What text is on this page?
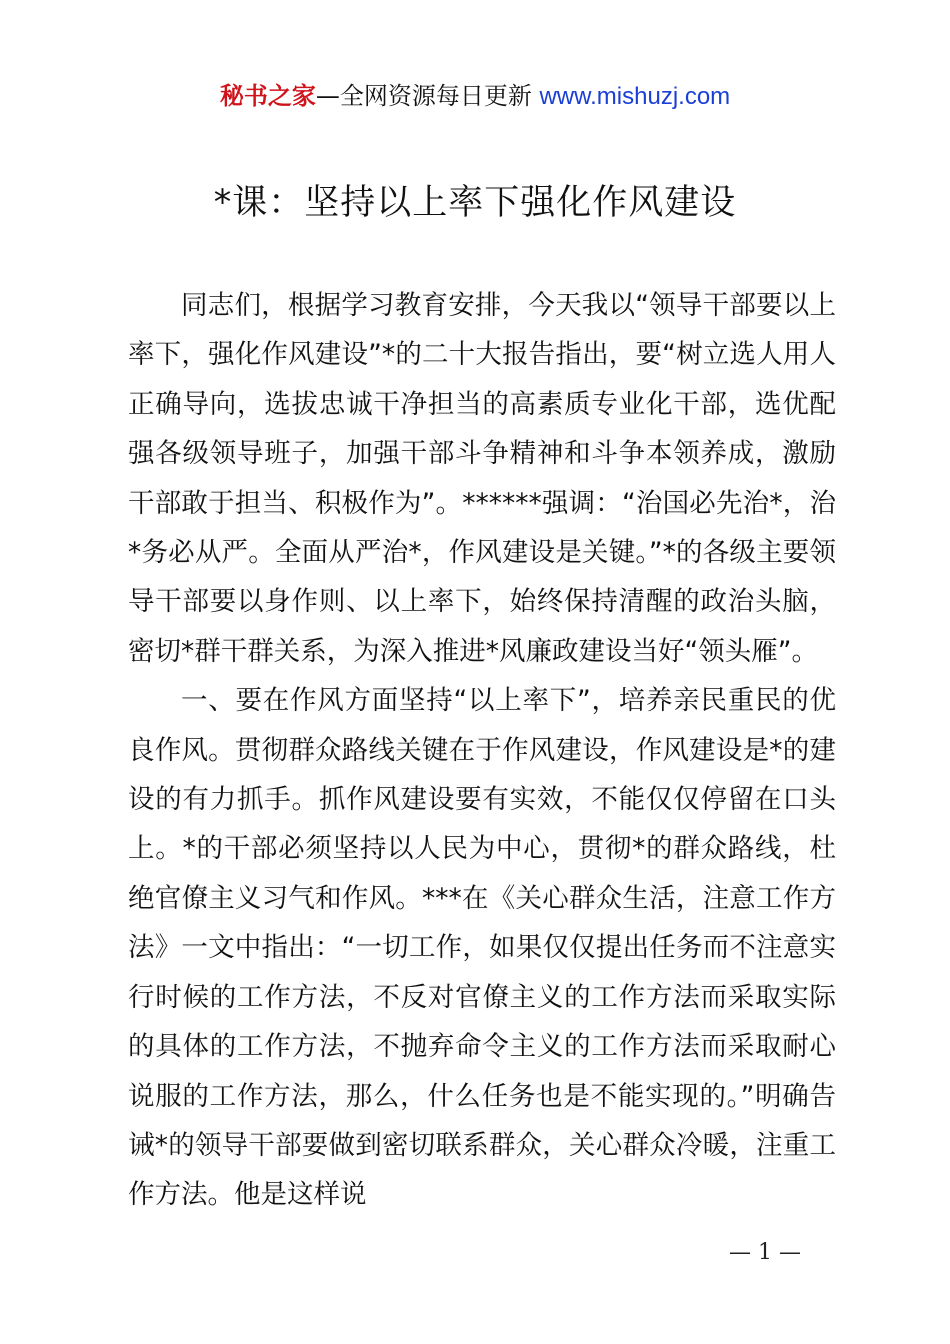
秘书之家—全网资源每日更新 www.mishuzj.com
*课：坚持以上率下强化作风建设

同志们，根据学习教育安排，今天我以“领导干部要以上率下，强化作风建设”*的二十大报告指出，要“树立选人用人正确导向，选拔忠诚干净担当的高素质专业化干部，选优配强各级领导班子，加强干部斗争精神和斗争本领养成，激励干部敢于担当、积极作为”。******强调：“治国必先治*，治*务必从严。全面从严治*，作风建设是关键。”*的各级主要领导干部要以身作则、以上率下，始终保持清醒的政治头脑，密切*群干群关系，为深入推进*风廉政建设当好“领头雁”。

一、要在作风方面坚持“以上率下”，培养亲民重民的优良作风。贯彻群众路线关键在于作风建设，作风建设是*的建设的有力抓手。抓作风建设要有实效，不能仅仅停留在口头上。*的干部必须坚持以人民为中心，贯彻*的群众路线，杜绝官僚主义习气和作风。***在《关心群众生活，注意工作方法》一文中指出：“一切工作，如果仅仅提出任务而不注意实行时候的工作方法，不反对官僚主义的工作方法而采取实际的具体的工作方法，不抛弃命令主义的工作方法而采取耐心说服的工作方法，那么，什么任务也是不能实现的。”明确告诫*的领导干部要做到密切联系群众，关心群众冷暖，注重工作方法。他是这样说

— 1 —
